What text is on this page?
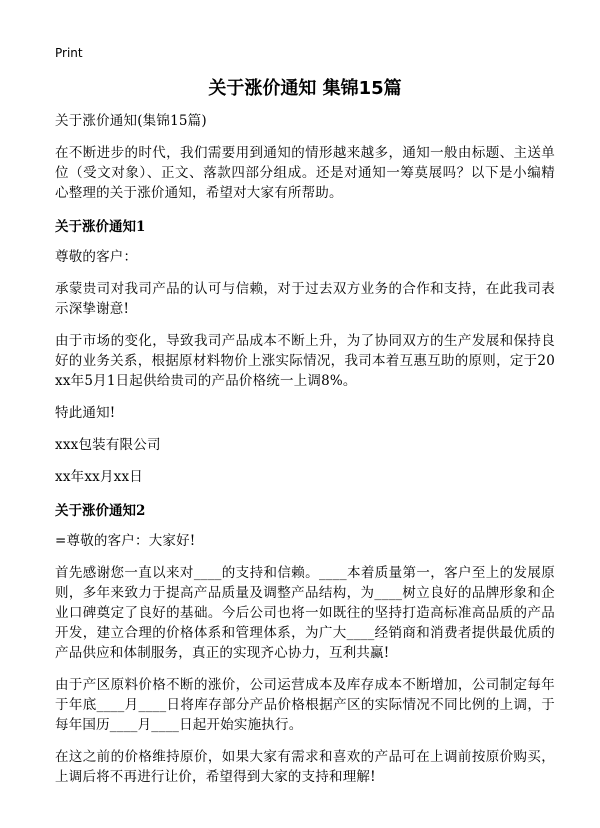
Print
关于涨价通知 集锦15篇

关于涨价通知(集锦15篇)

在不断进步的时代，我们需要用到通知的情形越来越多，通知一般由标题、主送单位（受文对象）、正文、落款四部分组成。还是对通知一筹莫展吗？以下是小编精心整理的关于涨价通知，希望对大家有所帮助。

关于涨价通知1

尊敬的客户：

承蒙贵司对我司产品的认可与信赖，对于过去双方业务的合作和支持，在此我司表示深挚谢意!

由于市场的变化，导致我司产品成本不断上升，为了协同双方的生产发展和保持良好的业务关系，根据原材料物价上涨实际情况，我司本着互惠互助的原则，定于20xx年5月1日起供给贵司的产品价格统一上调8%。

特此通知!

xxx包装有限公司

xx年xx月xx日

关于涨价通知2

=尊敬的客户：大家好!

首先感谢您一直以来对____的支持和信赖。____本着质量第一，客户至上的发展原则，多年来致力于提高产品质量及调整产品结构，为____树立良好的品牌形象和企业口碑奠定了良好的基础。今后公司也将一如既往的坚持打造高标准高品质的产品开发，建立合理的价格体系和管理体系，为广大____经销商和消费者提供最优质的产品供应和体制服务，真正的实现齐心协力，互利共赢!

由于产区原料价格不断的涨价，公司运营成本及库存成本不断增加，公司制定每年于年底____月____日将库存部分产品价格根据产区的实际情况不同比例的上调，于每年国历____月____日起开始实施执行。

在这之前的价格维持原价，如果大家有需求和喜欢的产品可在上调前按原价购买，上调后将不再进行让价，希望得到大家的支持和理解!
